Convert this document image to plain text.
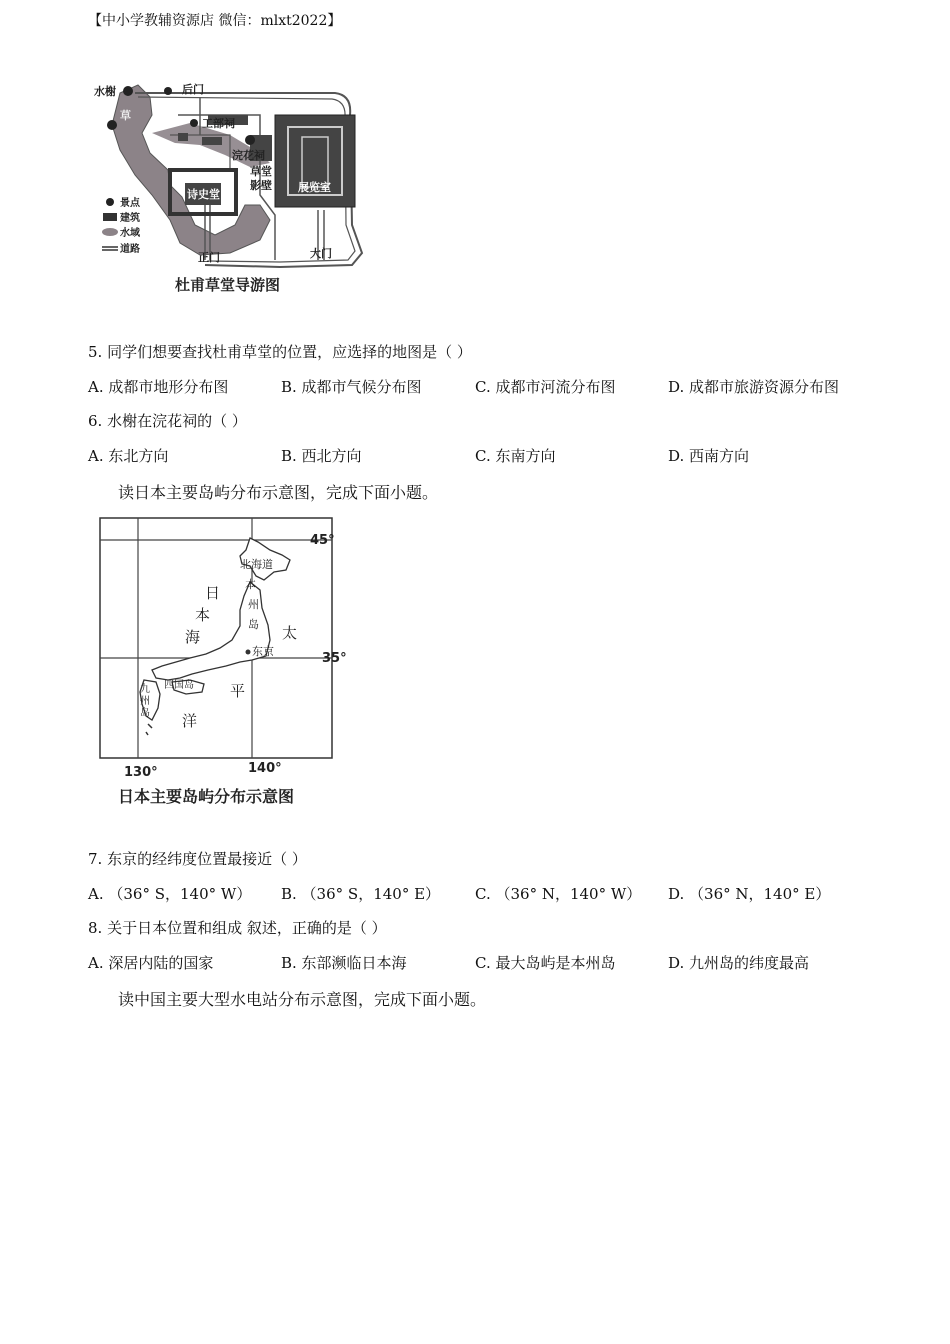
【中小学教辅资源店 微信：mlxt2022】
水榭	后门
草
工部祠
浣花祠
草堂
影壁 展览室
诗史堂
正门	大门
景点
建筑
水域
道路
杜甫草堂导游图
5. 同学们想要查找杜甫草堂的位置，应选择的地图是（ ）
A. 成都市地形分布图	B. 成都市气候分布图	C. 成都市河流分布图	D. 成都市旅游资源分布图
6. 水榭在浣花祠的（ ）
A. 东北方向	B. 西北方向	C. 东南方向	D. 西南方向
读日本主要岛屿分布示意图，完成下面小题。
东京
北海道
本
州
岛
四国岛
九
州
岛
日
本
海	太
平
洋
45°
35°
130°	140°
日本主要岛屿分布示意图
7. 东京的经纬度位置最接近（ ）
A. （36° S，140° W） B. （36° S，140° E） C. （36° N，140° W） D. （36° N，140° E）
8. 关于日本位置和组成 叙述，正确的是（ ）
A. 深居内陆的国家	B. 东部濒临日本海	C. 最大岛屿是本州岛	D. 九州岛的纬度最高
读中国主要大型水电站分布示意图，完成下面小题。
